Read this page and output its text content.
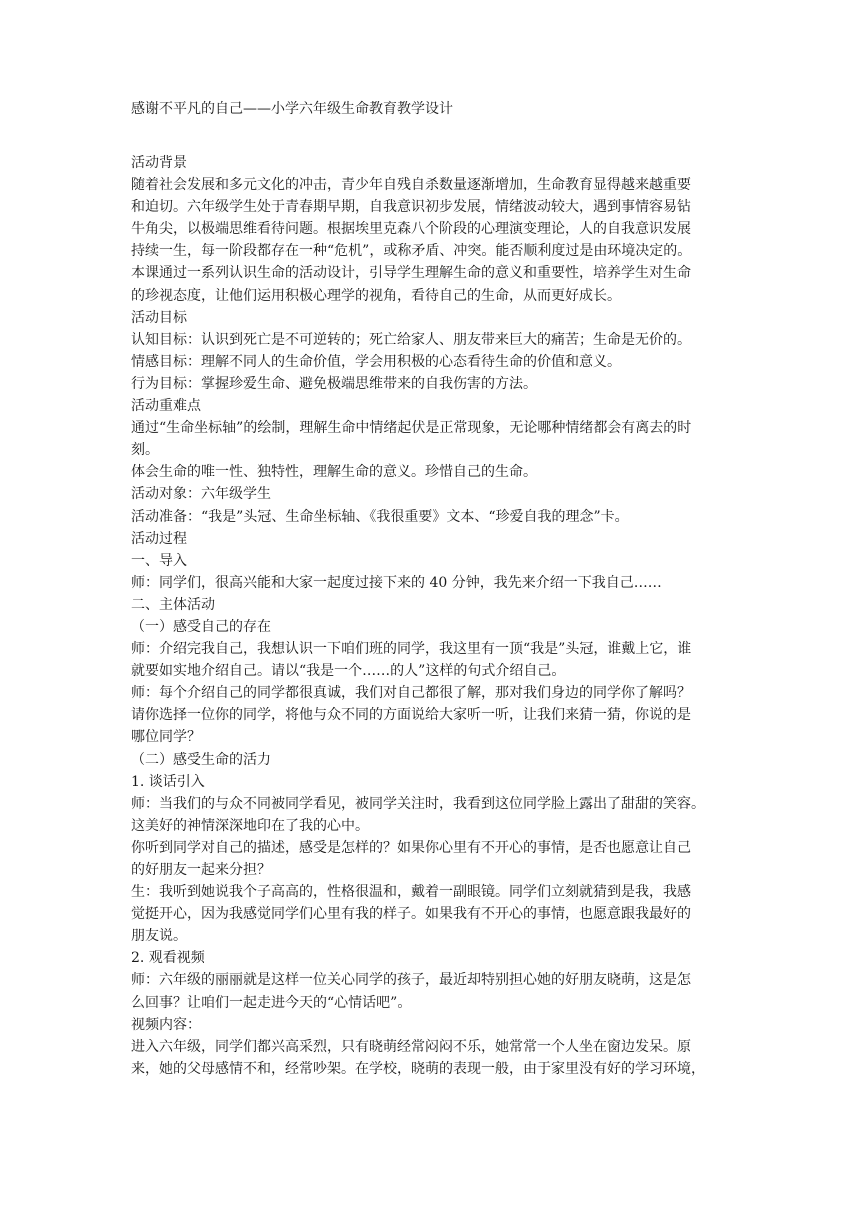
感谢不平凡的自己——小学六年级生命教育教学设计

活动背景

随着社会发展和多元文化的冲击，青少年自残自杀数量逐渐增加，生命教育显得越来越重要

和迫切。六年级学生处于青春期早期，自我意识初步发展，情绪波动较大，遇到事情容易钻

牛角尖，以极端思维看待问题。根据埃里克森八个阶段的心理演变理论，人的自我意识发展

持续一生，每一阶段都存在一种“危机”，或称矛盾、冲突。能否顺利度过是由环境决定的。

本课通过一系列认识生命的活动设计，引导学生理解生命的意义和重要性，培养学生对生命

的珍视态度，让他们运用积极心理学的视角，看待自己的生命，从而更好成长。

活动目标

认知目标：认识到死亡是不可逆转的；死亡给家人、朋友带来巨大的痛苦；生命是无价的。

情感目标：理解不同人的生命价值，学会用积极的心态看待生命的价值和意义。

行为目标：掌握珍爱生命、避免极端思维带来的自我伤害的方法。

活动重难点

通过“生命坐标轴”的绘制，理解生命中情绪起伏是正常现象，无论哪种情绪都会有离去的时

刻。

体会生命的唯一性、独特性，理解生命的意义。珍惜自己的生命。

活动对象：六年级学生

活动准备：“我是”头冠、生命坐标轴、《我很重要》文本、“珍爱自我的理念”卡。

活动过程

一、导入

师：同学们，很高兴能和大家一起度过接下来的 40 分钟，我先来介绍一下我自己……

二、主体活动

（一）感受自己的存在

师：介绍完我自己，我想认识一下咱们班的同学，我这里有一顶“我是”头冠，谁戴上它，谁

就要如实地介绍自己。请以“我是一个……的人”这样的句式介绍自己。

师：每个介绍自己的同学都很真诚，我们对自己都很了解，那对我们身边的同学你了解吗？

请你选择一位你的同学，将他与众不同的方面说给大家听一听，让我们来猜一猜，你说的是

哪位同学？

（二）感受生命的活力

1. 谈话引入

师：当我们的与众不同被同学看见，被同学关注时，我看到这位同学脸上露出了甜甜的笑容。

这美好的神情深深地印在了我的心中。

你听到同学对自己的描述，感受是怎样的？如果你心里有不开心的事情，是否也愿意让自己

的好朋友一起来分担？

生：我听到她说我个子高高的，性格很温和，戴着一副眼镜。同学们立刻就猜到是我，我感

觉挺开心，因为我感觉同学们心里有我的样子。如果我有不开心的事情，也愿意跟我最好的

朋友说。

2. 观看视频

师：六年级的丽丽就是这样一位关心同学的孩子，最近却特别担心她的好朋友晓萌，这是怎

么回事？让咱们一起走进今天的“心情话吧”。

视频内容：

进入六年级，同学们都兴高采烈，只有晓萌经常闷闷不乐，她常常一个人坐在窗边发呆。原

来，她的父母感情不和，经常吵架。在学校，晓萌的表现一般，由于家里没有好的学习环境，
